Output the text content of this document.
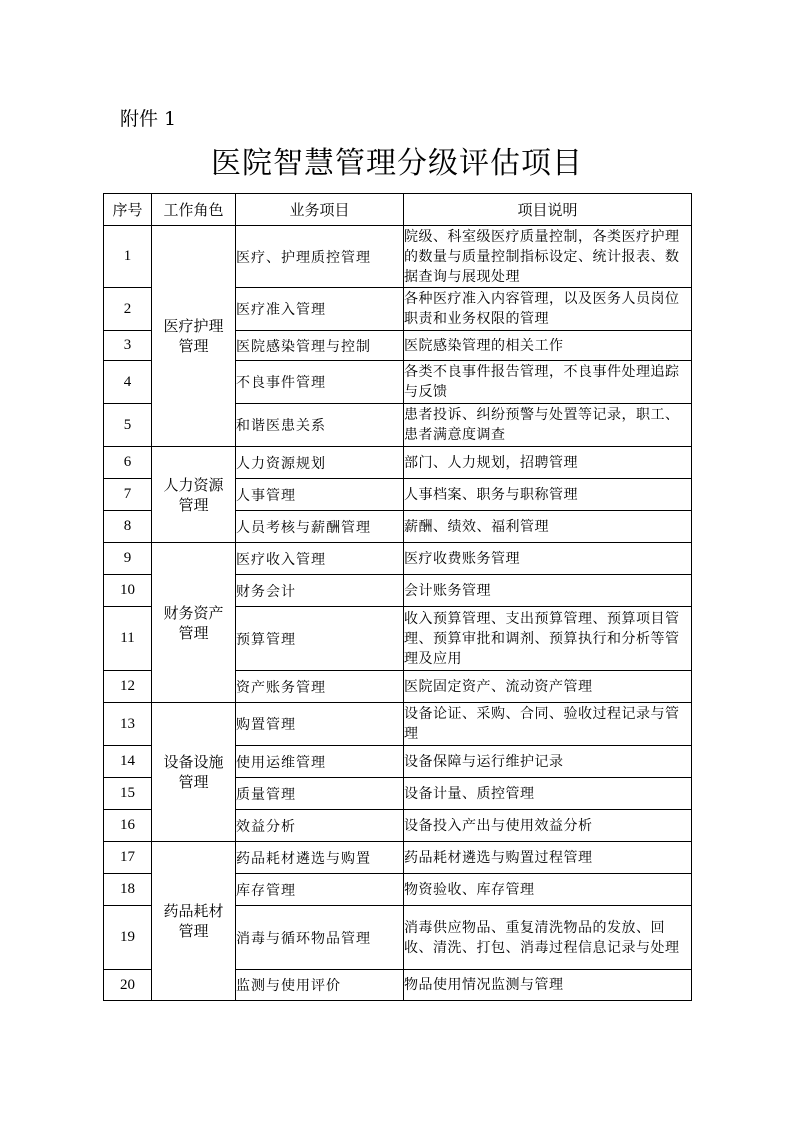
附件 1
医院智慧管理分级评估项目
序号	工作角色	业务项目	项目说明
1	医疗护理管理	医疗、护理质控管理	院级、科室级医疗质量控制，各类医疗护理的数量与质量控制指标设定、统计报表、数据查询与展现处理
2		医疗准入管理	各种医疗准入内容管理，以及医务人员岗位职责和业务权限的管理
3		医院感染管理与控制	医院感染管理的相关工作
4		不良事件管理	各类不良事件报告管理，不良事件处理追踪与反馈
5		和谐医患关系	患者投诉、纠纷预警与处置等记录，职工、患者满意度调查
6	人力资源管理	人力资源规划	部门、人力规划，招聘管理
7		人事管理	人事档案、职务与职称管理
8		人员考核与薪酬管理	薪酬、绩效、福利管理
9	财务资产管理	医疗收入管理	医疗收费账务管理
10		财务会计	会计账务管理
11		预算管理	收入预算管理、支出预算管理、预算项目管理、预算审批和调剂、预算执行和分析等管理及应用
12		资产账务管理	医院固定资产、流动资产管理
13	设备设施管理	购置管理	设备论证、采购、合同、验收过程记录与管理
14		使用运维管理	设备保障与运行维护记录
15		质量管理	设备计量、质控管理
16		效益分析	设备投入产出与使用效益分析
17	药品耗材管理	药品耗材遴选与购置	药品耗材遴选与购置过程管理
18		库存管理	物资验收、库存管理
19		消毒与循环物品管理	消毒供应物品、重复清洗物品的发放、回收、清洗、打包、消毒过程信息记录与处理
20		监测与使用评价	物品使用情况监测与管理
